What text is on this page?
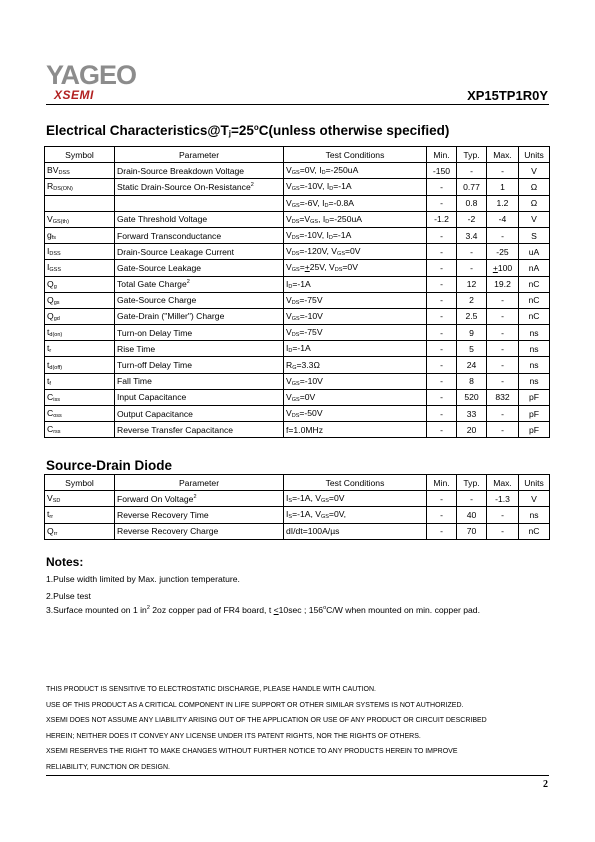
YAGEO
XSEMI	XP15TP1R0Y
Electrical $Characteristics@T_j=25^oC(unless$ otherwise specified)
Symbol	Parameter	Test Conditions	Min.	Typ.	Max.	Units
$BV_{DSS}$	Drain-Source Breakdown Voltage	$V_{GS}=0V$, $I_D=-250uA$	-150	-	-	V
$R_{DS(ON)}$	Static Drain-Source On-Resistance$^2$	$V_{GS}=-10V$, $I_D=-1A$	-	0.77	1	Ω
		$V_{GS}=-6V$, $I_D=-0.8A$	-	0.8	1.2	Ω
$V_{GS(th)}$	Gate Threshold Voltage	$V_{DS}=V_{GS}$, $I_D=-250uA$	-1.2	-2	-4	V
$g_{fs}$	Forward Transconductance	$V_{DS}=-10V$, $I_D=-1A$	-	3.4	-	S
$I_{DSS}$	Drain-Source Leakage Current	$V_{DS}=-120V$, $V_{GS}=0V$	-	-	-25	uA
$I_{GSS}$	Gate-Source Leakage	$V_{GS}=+25V$, $V_{DS}=0V$	-	-	+100	nA
$Q_g$	Total Gate Charge$^2$	$I_D=-1A$	-	12	19.2	nC
$Q_{gs}$	Gate-Source Charge	$V_{DS}=-75V$	-	2	-	nC
$Q_{gd}$	Gate-Drain ("Miller") Charge	$V_{GS}=-10V$	-	2.5	-	nC
$t_{d(on)}$	Turn-on Delay Time	$V_{DS}=-75V$	-	9	-	ns
$t_r$	Rise Time	$I_D=-1A$	-	5	-	ns
$t_{d(off)}$	Turn-off Delay Time	$R_G=3.3\Omega$	-	24	-	ns
$t_f$	Fall Time	$V_{GS}=-10V$	-	8	-	ns
$C_{iss}$	Input Capacitance	$V_{GS}=0V$	-	520	832	pF
$C_{oss}$	Output Capacitance	$V_{DS}=-50V$	-	33	-	pF
$C_{rss}$	Reverse Transfer Capacitance	f=1.0MHz	-	20	-	pF
Source-Drain Diode
Symbol	Parameter	Test Conditions	Min.	Typ.	Max.	Units
$V_{SD}$	Forward On Voltage$^2$	$I_S=-1A$, $V_{GS}=0V$	-	-	-1.3	V
$t_{rr}$	Reverse Recovery Time	$I_S=-1A$, $V_{GS}=0V$,	-	40	-	ns
$Q_{rr}$	Reverse Recovery Charge	dI/dt=100A/µs	-	70	-	nC
Notes:
1.Pulse width limited by Max. junction temperature.
2.Pulse test
3.Surface mounted on 1 $in^2$ 2oz copper pad of FR4 board, t <10sec ; 156$^o$C/W when mounted on min. copper pad.
THIS PRODUCT IS SENSITIVE TO ELECTROSTATIC DISCHARGE, PLEASE HANDLE WITH CAUTION.
USE OF THIS PRODUCT AS A CRITICAL COMPONENT IN LIFE SUPPORT OR OTHER SIMILAR SYSTEMS IS NOT AUTHORIZED.
XSEMI DOES NOT ASSUME ANY LIABILITY ARISING OUT OF THE APPLICATION OR USE OF ANY PRODUCT OR CIRCUIT DESCRIBED
HEREIN; NEITHER DOES IT CONVEY ANY LICENSE UNDER ITS PATENT RIGHTS, NOR THE RIGHTS OF OTHERS.
XSEMI RESERVES THE RIGHT TO MAKE CHANGES WITHOUT FURTHER NOTICE TO ANY PRODUCTS HEREIN TO IMPROVE
RELIABILITY, FUNCTION OR DESIGN.
2
